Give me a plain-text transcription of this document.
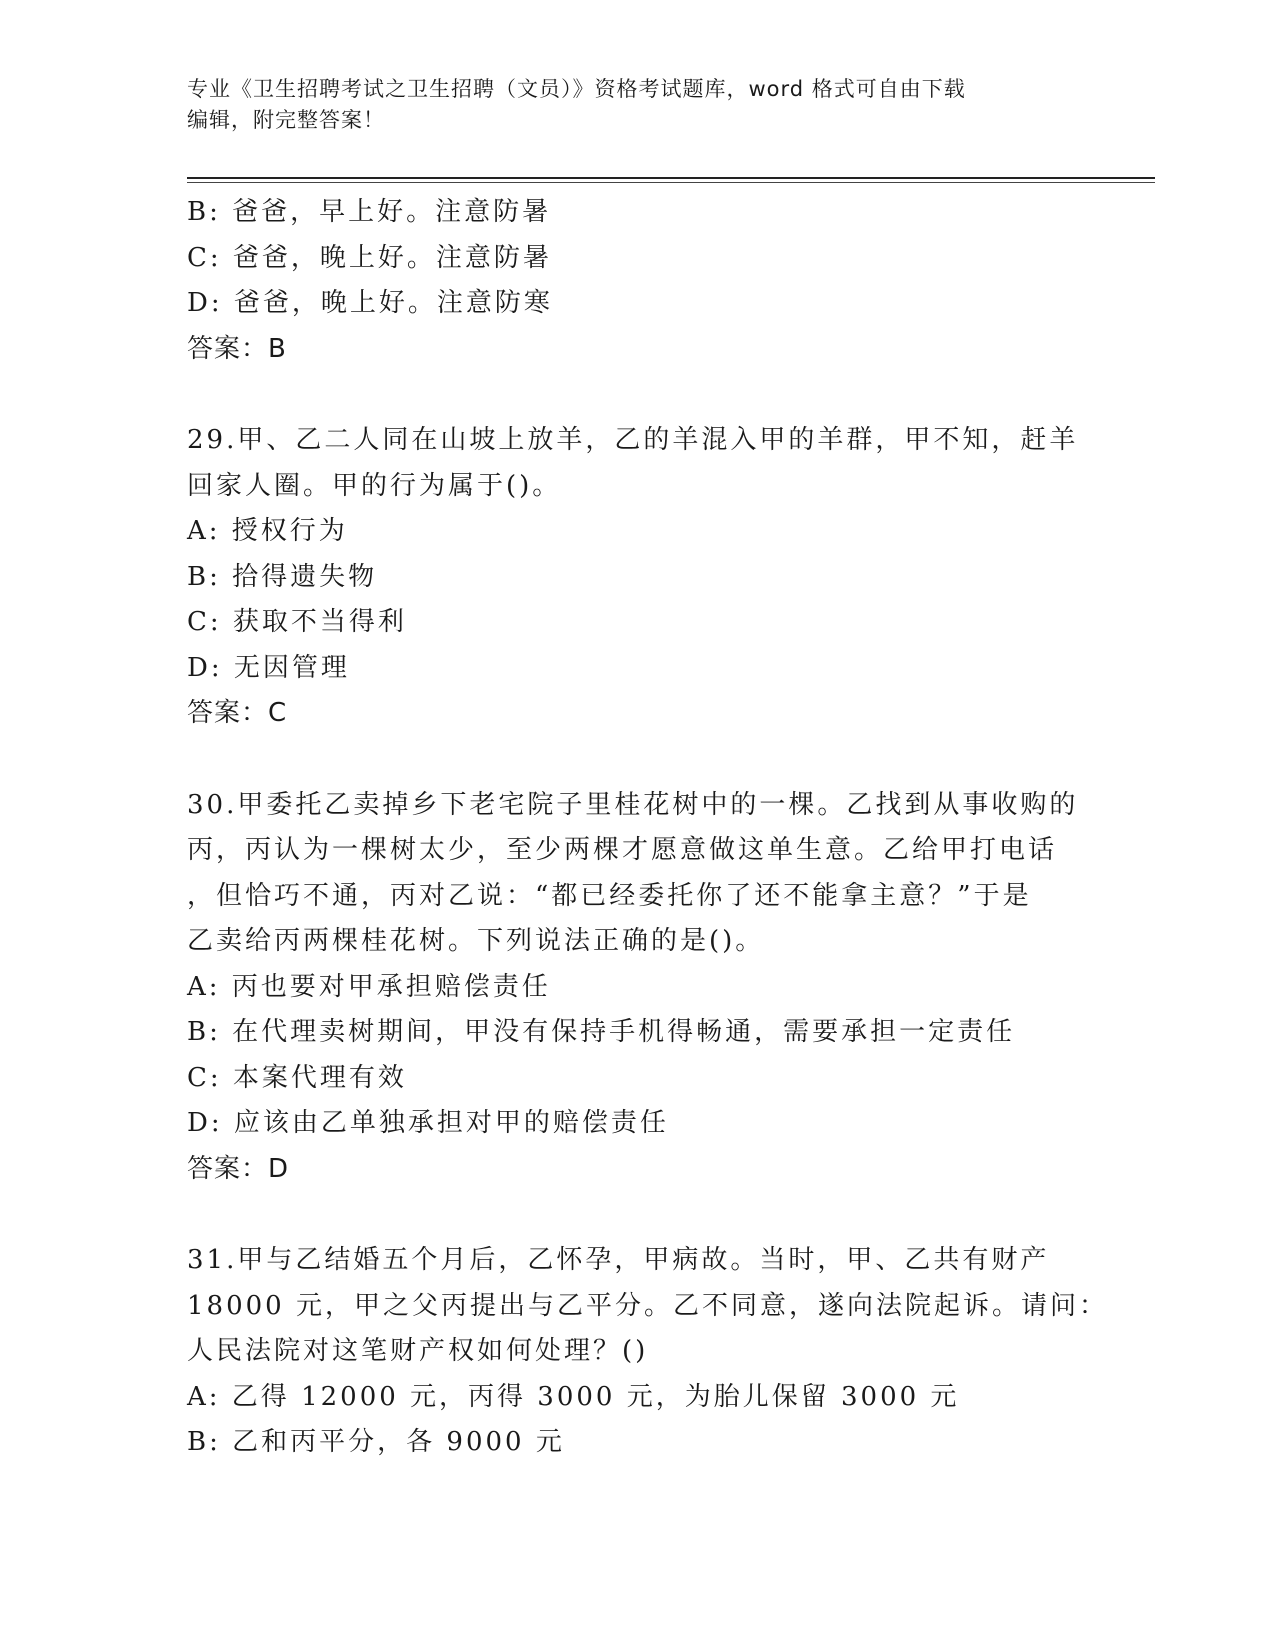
专业《卫生招聘考试之卫生招聘（文员）》资格考试题库，word 格式可自由下载
编辑，附完整答案！
B: 爸爸，早上好。注意防暑
C: 爸爸，晚上好。注意防暑
D: 爸爸，晚上好。注意防寒
答案：B
29.甲、乙二人同在山坡上放羊，乙的羊混入甲的羊群，甲不知，赶羊
回家人圈。甲的行为属于()。
A: 授权行为
B: 拾得遗失物
C: 获取不当得利
D: 无因管理
答案：C
30.甲委托乙卖掉乡下老宅院子里桂花树中的一棵。乙找到从事收购的
丙，丙认为一棵树太少，至少两棵才愿意做这单生意。乙给甲打电话
，但恰巧不通，丙对乙说：“都已经委托你了还不能拿主意？”于是
乙卖给丙两棵桂花树。下列说法正确的是()。
A: 丙也要对甲承担赔偿责任
B: 在代理卖树期间，甲没有保持手机得畅通，需要承担一定责任
C: 本案代理有效
D: 应该由乙单独承担对甲的赔偿责任
答案：D
31.甲与乙结婚五个月后，乙怀孕，甲病故。当时，甲、乙共有财产
18000 元，甲之父丙提出与乙平分。乙不同意，遂向法院起诉。请问：
人民法院对这笔财产权如何处理？()
A: 乙得 12000 元，丙得 3000 元，为胎儿保留 3000 元
B: 乙和丙平分，各 9000 元
